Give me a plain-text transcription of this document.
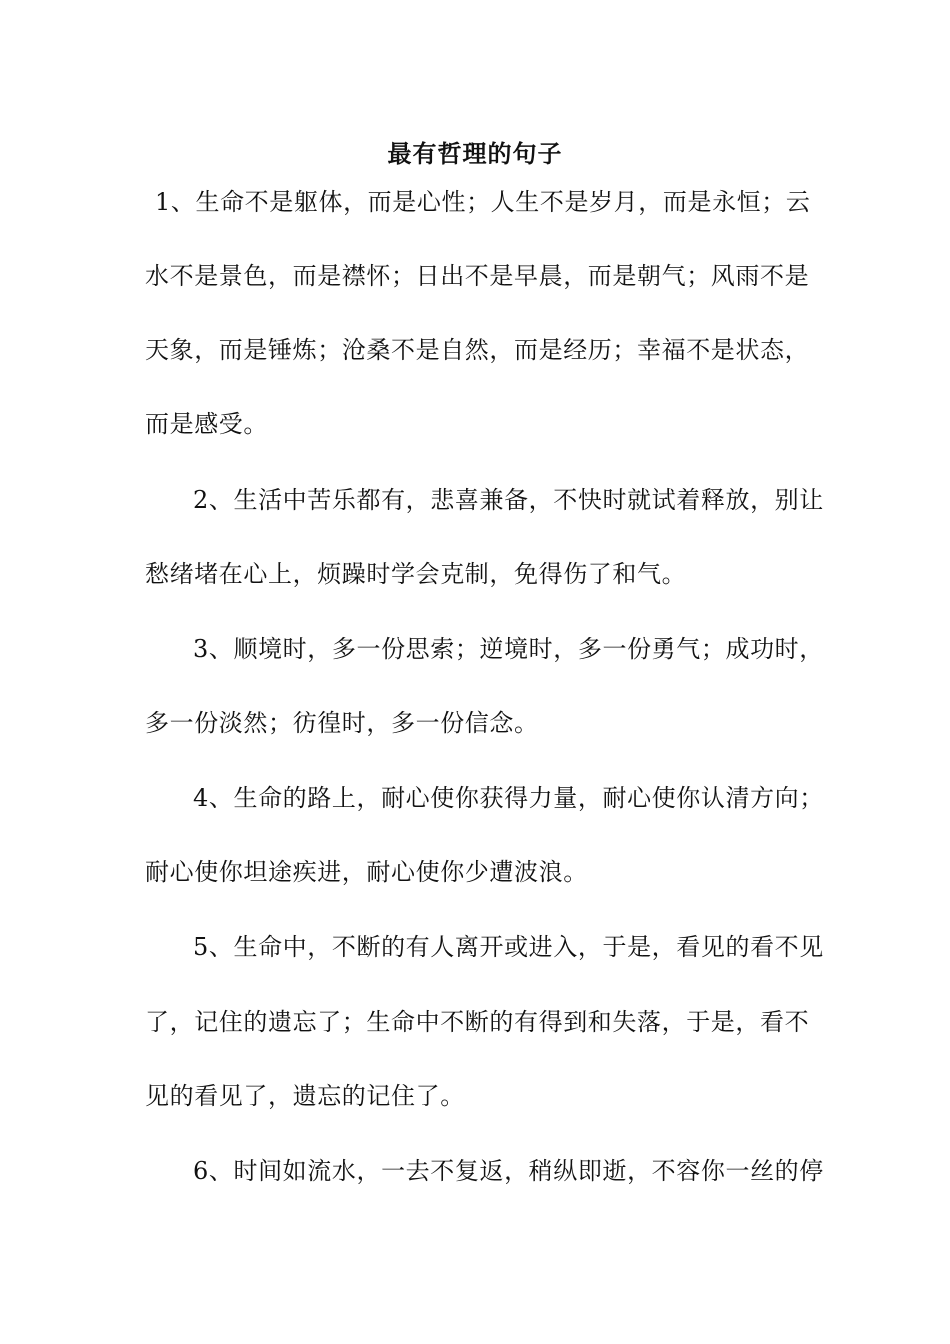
最有哲理的句子

1、生命不是躯体，而是心性；人生不是岁月，而是永恒；云

水不是景色，而是襟怀；日出不是早晨，而是朝气；风雨不是

天象，而是锤炼；沧桑不是自然，而是经历；幸福不是状态，

而是感受。

2、生活中苦乐都有，悲喜兼备，不快时就试着释放，别让

愁绪堵在心上，烦躁时学会克制，免得伤了和气。

3、顺境时，多一份思索；逆境时，多一份勇气；成功时，

多一份淡然；彷徨时，多一份信念。

4、生命的路上，耐心使你获得力量，耐心使你认清方向；

耐心使你坦途疾进，耐心使你少遭波浪。

5、生命中，不断的有人离开或进入，于是，看见的看不见

了，记住的遗忘了；生命中不断的有得到和失落，于是，看不

见的看见了，遗忘的记住了。

6、时间如流水，一去不复返，稍纵即逝，不容你一丝的停
